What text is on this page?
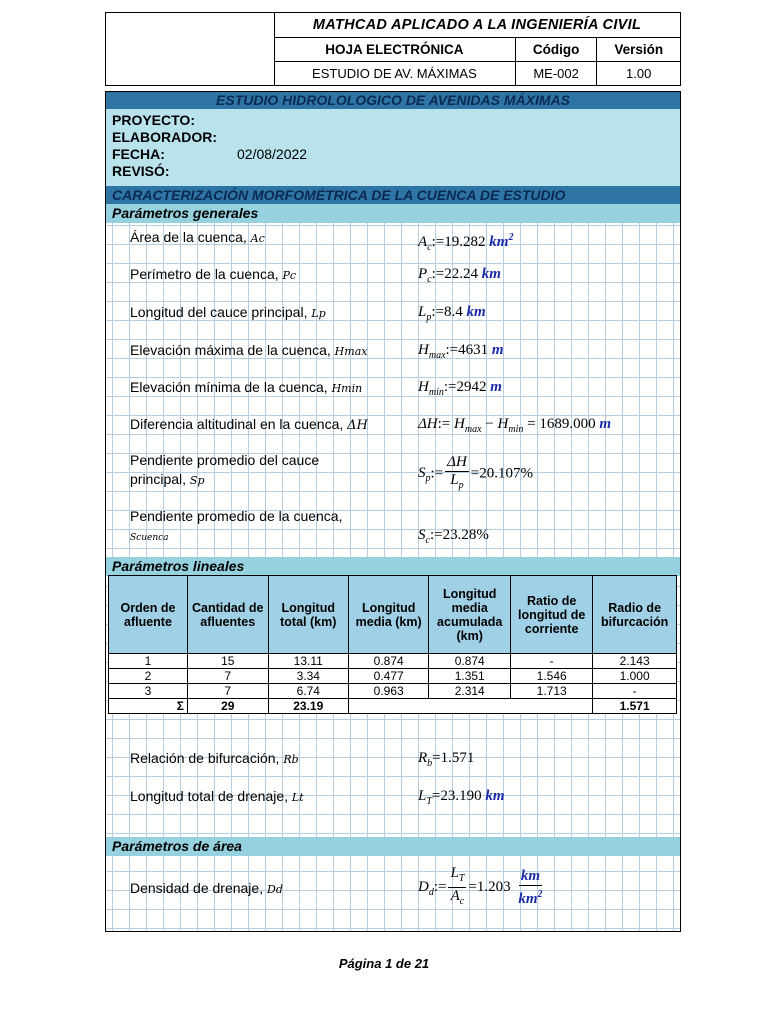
MATHCAD APLICADO A LA INGENIERÍA CIVIL
HOJA ELECTRÓNICA	Código	Versión
ESTUDIO DE AV. MÁXIMAS	ME-002	1.00
ESTUDIO HIDROLOLOGICO DE AVENIDAS MÁXIMAS
PROYECTO:
ELABORADOR:
FECHA:	02/08/2022
REVISÓ:
CARACTERIZACIÓN MORFOMÉTRICA DE LA CUENCA DE ESTUDIO
Parámetros generales
Área de la cuenca, Ac	$A_c:=19.282$ $km^2$
Perímetro de la cuenca, Pc	$P_c:=22.24$ km
Longitud del cauce principal, Lp	$L_p:=8.4$ km
Elevación máxima de la cuenca, Hmax	$H_{max}:=4631$ m
Elevación mínima de la cuenca, Hmin	$H_{min}:=2942$ m
Diferencia altitudinal en la cuenca, ΔH	ΔH:= $H_{max} - H_{min} = 1689.000$ m
Pendiente promedio del cauce
principal, Sp	$S_p:= \frac{\Delta H}{L_p} =20.107\%$
Pendiente promedio de la cuenca,
Scuenca	$S_c:=23.28\%$
Parámetros lineales
Orden de afluente	Cantidad de afluentes	Longitud total (km)	Longitud media (km)	Longitud media acumulada (km)	Ratio de longitud de corriente	Radio de bifurcación
1	15	13.11	0.874	0.874	-	2.143
2	7	3.34	0.477	1.351	1.546	1.000
3	7	6.74	0.963	2.314	1.713	-
Σ	29	23.19				1.571
Relación de bifurcación, Rb	$R_b=1.571$
Longitud total de drenaje, Lt	$L_T=23.190$ km
Parámetros de área
Densidad de drenaje, Dd	$D_d:= \frac{L_T}{A_c} =1.203 \frac{km}{km^2}$
Página 1 de 21
